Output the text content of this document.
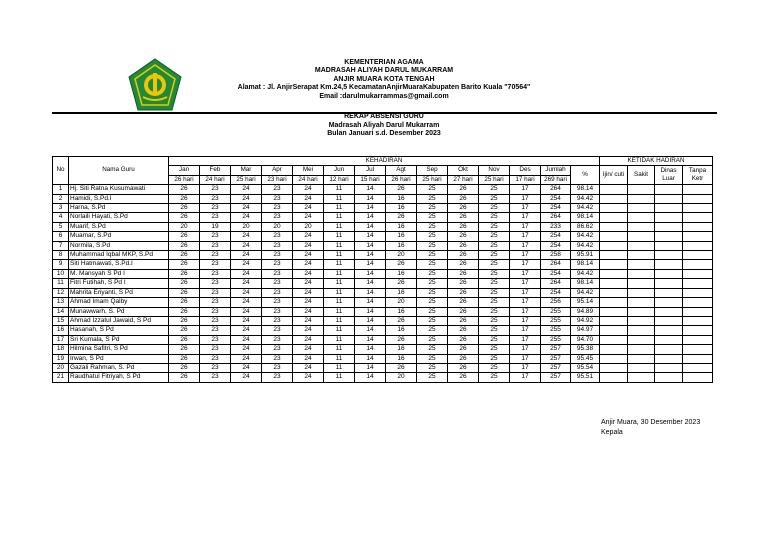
KEMENTERIAN AGAMA
MADRASAH ALIYAH DARUL MUKARRAM
ANJIR MUARA KOTA TENGAH
Alamat : Jl. AnjirSerapat Km.24,5 KecamatanAnjirMuaraKabupaten Barito Kuala "70564"
Email :darulmukarrammas@gmail.com
REKAP ABSENSI GURU
Madrasah Aliyah Darul Mukarram
Bulan Januari s.d. Desember 2023
No	Nama Guru	KEHADIRAN														KETIDAK HADIRAN			
		Jan	Feb	Mar	Apr	Mei	Jun	Jul	Agt	Sep	Okt	Nov	Des	Jumlah	%	Ijin/ cuti	Sakit	Dinas Luar	Tanpa Ketr
		26 hari	24 hari	25 hari	23 hari	24 hari	12 hari	15 hari	26 hari	25 hari	27 hari	25 hari	17 hari	269 hari					
1	Hj. Siti Ratna Kusumawati	26	23	24	23	24	11	14	26	25	26	25	17	264	98.14				
2	Hamidi, S.Pd.I	26	23	24	23	24	11	14	16	25	26	25	17	254	94.42				
3	Harna, S.Pd	26	23	24	23	24	11	14	16	25	26	25	17	254	94.42				
4	Norlaili Hayati, S.Pd	26	23	24	23	24	11	14	26	25	26	25	17	264	98.14				
5	Muarif, S.Pd	20	19	20	20	20	11	14	16	25	26	25	17	233	86.62				
6	Muamar, S.Pd	26	23	24	23	24	11	14	16	25	26	25	17	254	94.42				
7	Normila, S.Pd	26	23	24	23	24	11	14	16	25	26	25	17	254	94.42				
8	Muhammad Iqbal MKP, S.Pd	26	23	24	23	24	11	14	20	25	26	25	17	258	95.91				
9	Siti Hatmawati, S.Pd.I	26	23	24	23	24	11	14	26	25	26	25	17	264	98.14				
10	M. Mansyah S Pd I	26	23	24	23	24	11	14	16	25	26	25	17	254	94.42				
11	Fitri Futihah, S Pd I	26	23	24	23	24	11	14	26	25	26	25	17	264	98.14				
12	Mahrita Eriyanti, S Pd	26	23	24	23	24	11	14	16	25	26	25	17	254	94.42				
13	Ahmad Imam Qalby	26	23	24	23	24	11	14	20	25	26	25	17	256	95.14				
14	Munawwarh, S. Pd	26	23	24	23	24	11	14	16	25	26	25	17	255	94.89				
15	Ahmad Izzatul Jawaid, S Pd	26	23	24	23	24	11	14	26	25	26	25	17	255	94.92				
16	Hasanah, S Pd	26	23	24	23	24	11	14	16	25	26	25	17	255	94.97				
17	Sri Kumala, S Pd	26	23	24	23	24	11	14	26	25	26	25	17	255	94.70				
18	Hilmina Safitri, S Pd	26	23	24	23	24	11	14	16	25	26	25	17	257	95.38				
19	Irwan, S Pd	26	23	24	23	24	11	14	16	25	26	25	17	257	95.45				
20	Gazali Rahman, S. Pd	26	23	24	23	24	11	14	26	25	26	25	17	257	95.54				
21	Raudhatul Fitriyah, S Pd	26	23	24	23	24	11	14	20	25	26	25	17	257	95.51				
Anjir Muara, 30 Desember 2023
Kepala
